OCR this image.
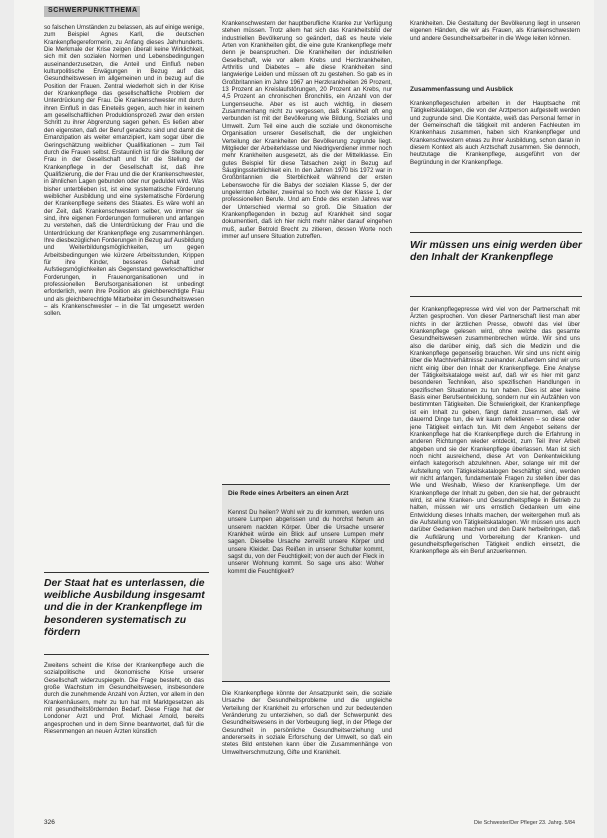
SCHWERPUNKTTHEMA

so falschen Umständen zu belassen, als auf einige wenige, zum Beispiel Agnes Karll, die deutschen Krankenpflegereformerin, zu Anfang dieses Jahrhunderts. Die Merkmale der Krise zeigen überall keine Wirklichkeit, sich mit den sozialen Normen und Lebensbedingungen auseinanderzusetzen, die Anteil und Einfluß neben kulturpolitische Erwägungen in Bezug auf das Gesundheitswesen im allgemeinen und in bezug auf die Position der Frauen. Zentral wiederholt sich in der Krise der Krankenpflege das gesellschaftliche Problem der Unterdrückung der Frau. Die Krankenschwester mit durch ihren Einfluß in das Eineteils gegen, auch hier in keinem am gesellschaftlichen Produktionsprozeß zwar den ersten Schritt zu ihrer Abgrenzung sagen gehen. Es ließen aber den eigensten, daß der Beruf geradezu sind und damit die Emanzipation als weiter emanzipiert, kam sogar über die Geringschätzung weiblicher Qualifikationen – zum Teil durch die Frauen selbst. Erstaunlich ist für die Stellung der Frau in der Gesellschaft und für die Stellung der Krankenpflege in der Gesellschaft ist, daß ihre Qualifizierung, die der Frau und die der Krankenschwester, in ähnlichen Lagen gebunden oder nur geduldet wird. Was bisher unterblieben ist, ist eine systematische Förderung weiblicher Ausbildung und eine systematische Förderung der Krankenpflege seitens des Staates. Es wäre wohl an der Zeit, daß Krankenschwestern selber, wo immer sie sind, ihre eigenen Forderungen formulieren und anfangen zu verstehen, daß die Unterdrückung der Frau und die Unterdrückung der Krankenpflege eng zusammenhängen. Ihre diesbezüglichen Forderungen in Bezug auf Ausbildung und Weiterbildungsmöglichkeiten, um gegen Arbeitsbedingungen wie kürzere Arbeitsstunden, Krippen für ihre Kinder, besseres Gehalt und Aufstiegsmöglichkeiten als Gegenstand gewerkschaftlicher Forderungen, in Frauenorganisationen und in professionellen Berufsorganisationen ist unbedingt erforderlich, wenn ihre Position als gleichberechtigte Frau und als gleichberechtigte Mitarbeiter im Gesundheitswesen – als Krankenschwester – in die Tat umgesetzt werden sollen.

Der Staat hat es unterlassen, die weibliche Ausbildung insgesamt und die in der Krankenpflege im besonderen systematisch zu fördern

Zweitens scheint die Krise der Krankenpflege auch die sozialpolitische und ökonomische Krise unserer Gesellschaft widerzuspiegeln. Die Frage besteht, ob das große Wachstum im Gesundheitswesen, insbesondere durch die zunehmende Anzahl von Ärzten, vor allem in den Krankenhäusern, mehr zu tun hat mit Marktgesetzen als mit gesundheitsfördernden Bedarf. Diese Frage hat der Londoner Arzt und Prof. Michael Arnold, bereits angesprochen und in dem Sinne beantwortet, daß für die Riesenmengen an neuen Ärzten künstlich

Krankenschwestern der hauptberufliche Kranke zur Verfügung stehen müssen. Trotz allem hat sich das Krankheitsbild der industriellen Bevölkerung so geändert, daß es heute viele Arten von Krankheiten gibt, die eine gute Krankenpflege mehr denn je beanspruchen. Die Krankheiten der industriellen Gesellschaft, wie vor allem Krebs und Herzkrankheiten, Arthritis und Diabetes – alle diese Krankheiten sind langwierige Leiden und müssen oft zu gestehen. So gab es in Großbritannien im Jahre 1967 an Herzkrankheiten 26 Prozent, 13 Prozent an Kreislaufstörungen, 20 Prozent an Krebs, nur 4,5 Prozent an chronischen Bronchitis, ein Anzahl von der Lungenseuche. Aber es ist auch wichtig, in diesem Zusammenhang nicht zu vergessen, daß Krankheit oft eng verbunden ist mit der Bevölkerung wie Bildung, Soziales und Umwelt. Zum Teil eine auch die soziale und ökonomische Organisation unserer Gesellschaft, die der ungleichen Verteilung der Krankheiten der Bevölkerung zugrunde liegt. Mitglieder der Arbeiterklasse und Niedrigverdiener immer noch mehr Krankheiten ausgesetzt, als die der Mittelklasse. Ein gutes Beispiel für diese Tatsachen zeigt in Bezug auf Säuglingssterblichkeit ein. In den Jahren 1970 bis 1972 war in Großbritannien die Sterblichkeit während der ersten Lebenswoche für die Babys der sozialen Klasse 5, der der ungelernten Arbeiter, zweimal so hoch wie der Klasse 1, der professionellen Berufe. Und am Ende des ersten Jahres war der Unterschied viermal so groß. Die Situation der Krankenpflegenden in bezug auf Krankheit sind sogar dokumentiert, daß ich hier nicht mehr näher darauf eingehen muß, außer Betrold Brecht zu zitieren, dessen Worte noch immer auf unsere Situation zutreffen.

Die Rede eines Arbeiters an einen Arzt
Kennst Du heilen? Wohl wir zu dir kommen, werden uns unsere Lumpen abgerissen und du horchst herum an unserem nackten Körper. Über die Ursache unserer Krankheit würde ein Blick auf unsere Lumpen mehr sagen. Dieselbe Ursache zerreißt unsere Körper und unsere Kleider. Das Reißen in unserer Schulter kommt, sagst du, von der Feuchtigkeit; von der auch der Fleck in unserer Wohnung kommt. So sage uns also: Woher kommt die Feuchtigkeit?

Die Krankenpflege könnte der Ansatzpunkt sein, die soziale Ursache der Gesundheitsprobleme und die ungleiche Verteilung der Krankheit zu erforschen und zur bedeutenden Veränderung zu unterziehen, so daß der Schwerpunkt des Gesundheitswesens in der Vorbeugung liegt, in der Pflege der Gesundheit in persönliche Gesundheitserziehung und andererseits in soziale Erforschung der Umwelt, so daß ein stetes Bild entstehen kann über die Zusammenhänge von Umweltverschmutzung, Gifte und Krankheit.

Krankheiten. Die Gestaltung der Bevölkerung liegt in unseren eigenen Händen, die wir als Frauen, als Krankenschwestern und andere Gesundheitsarbeiter in die Wege leiten können.

Zusammenfassung und Ausblick

Krankenpflegeschulen arbeiten in der Hauptsache mit Tätigkeitskatalogen, die von der Arztperson aufgestellt werden und zugrunde sind. Die Kontakte, weiß das Personal ferner in der Gemeinschaft die tätigkeit mit anderen Fachleuten im Krankenhaus zusammen, haben sich Krankenpfleger und Krankenschwestern etwas zu ihrer Ausbildung, schon daran in diesem Kontext als auch Arztschaft zusammen. Sie dennoch, heutzutage die Krankenpflege, ausgeführt von der Begründung in der Krankenpflege.

Wir müssen uns einig werden über den Inhalt der Krankenpflege

der Krankenpflegepresse wird viel von der Partnerschaft mit Ärzten gesprochen. Von dieser Partnerschaft liest man aber nichts in der ärztlichen Presse, obwohl das viel über Krankenpflege gelesen wird, ohne welche das gesamte Gesundheitswesen zusammenbrechen würde. Wir sind uns also die darüber einig, daß sich die Medizin und die Krankenpflege gegenseitig brauchen. Wir sind uns nicht einig über die Machtverhältnisse zueinander. Außerdem sind wir uns nicht einig über den Inhalt der Krankenpflege. Eine Analyse der Tätigkeitskataloge weist auf, daß wir es hier mit ganz besonderen Techniken, also spezifischen Handlungen in spezifischen Situationen zu tun haben. Dies ist aber keine Basis einer Berufsentwicklung, sondern nur ein Aufzählen von bestimmten Tätigkeiten. Die Schwierigkeit, der Krankenpflege ist ein Inhalt zu geben, fängt damit zusammen, daß wir dauernd Dinge tun, die wir kaum reflektieren – so diese oder jene Tätigkeit einfach tun. Mit dem Angebot seitens der Krankenpflege hat die Krankenpflege durch die Erfahrung in anderen Richtungen wieder entdeckt, zum Teil ihrer Arbeit abgeben und sie der Krankenpflege überlassen. Man ist sich noch nicht ausreichend, diese Art von Denkentwicklung einfach kategorisch abzulehnen. Aber, solange wir mit der Aufstellung von Tätigkeitskatalogen beschäftigt sind, werden wir nicht anfangen, fundamentale Fragen zu stellen über das Wie und Weshalb, Wieso der Krankenpflege. Um der Krankenpflege der Inhalt zu geben, den sie hat, der gebraucht wird, ist eine Kranken- und Gesundheitspflege in Betrieb zu halten, müssen wir uns ernstlich Gedanken um eine Entwicklung dieses Inhalts machen, der weitergehen muß als die Aufstellung von Tätigkeitskatalogen. Wir müssen uns auch darüber Gedanken machen und den Dank herbeibringen, daß die Aufklärung und Vorbereitung der Kranken- und gesundheitspflegerischen Tätigkeit endlich einsetzt, die Krankenpflege als ein Beruf anzuerkennen.

326	Die Schwester/Der Pfleger 23. Jahrg. 5/84
